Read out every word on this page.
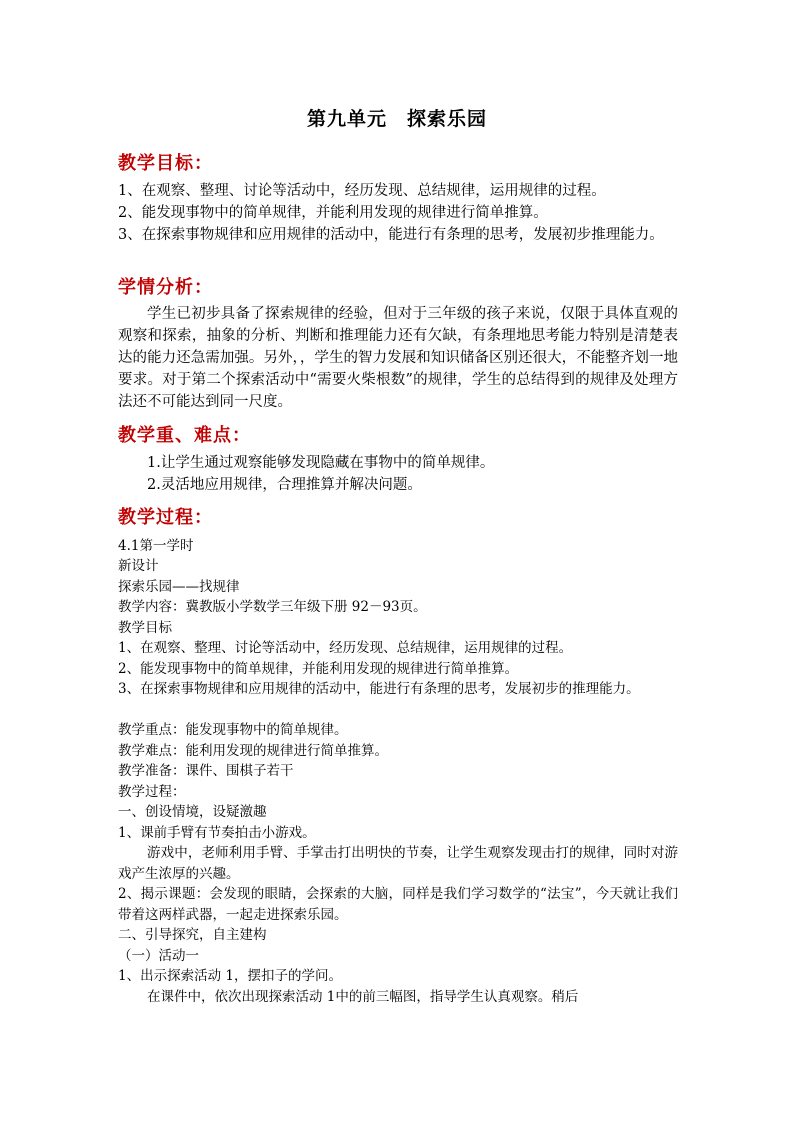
第九单元　探索乐园
教学目标：
1、在观察、整理、讨论等活动中，经历发现、总结规律，运用规律的过程。
2、能发现事物中的简单规律，并能利用发现的规律进行简单推算。
3、在探索事物规律和应用规律的活动中，能进行有条理的思考，发展初步推理能力。
学情分析：
学生已初步具备了探索规律的经验，但对于三年级的孩子来说，仅限于具体直观的观察和探索，抽象的分析、判断和推理能力还有欠缺，有条理地思考能力特别是清楚表达的能力还急需加强。另外，，学生的智力发展和知识储备区别还很大，不能整齐划一地要求。对于第二个探索活动中“需要火柴根数”的规律，学生的总结得到的规律及处理方法还不可能达到同一尺度。
教学重、难点：
1.让学生通过观察能够发现隐藏在事物中的简单规律。
2.灵活地应用规律，合理推算并解决问题。
教学过程：
4.1第一学时
新设计
探索乐园——找规律
教学内容：冀教版小学数学三年级下册 92－93页。
教学目标
1、在观察、整理、讨论等活动中，经历发现、总结规律，运用规律的过程。
2、能发现事物中的简单规律，并能利用发现的规律进行简单推算。
3、在探索事物规律和应用规律的活动中，能进行有条理的思考，发展初步的推理能力。
教学重点：能发现事物中的简单规律。
教学难点：能利用发现的规律进行简单推算。
教学准备：课件、围棋子若干
教学过程：
一、创设情境，设疑激趣
1、课前手臂有节奏拍击小游戏。
游戏中，老师利用手臂、手掌击打出明快的节奏，让学生观察发现击打的规律，同时对游戏产生浓厚的兴趣。
2、揭示课题：会发现的眼睛，会探索的大脑，同样是我们学习数学的“法宝”，今天就让我们带着这两样武器，一起走进探索乐园。
二、引导探究，自主建构
（一）活动一
1、出示探索活动 1，摆扣子的学问。
在课件中，依次出现探索活动 1中的前三幅图，指导学生认真观察。稍后
